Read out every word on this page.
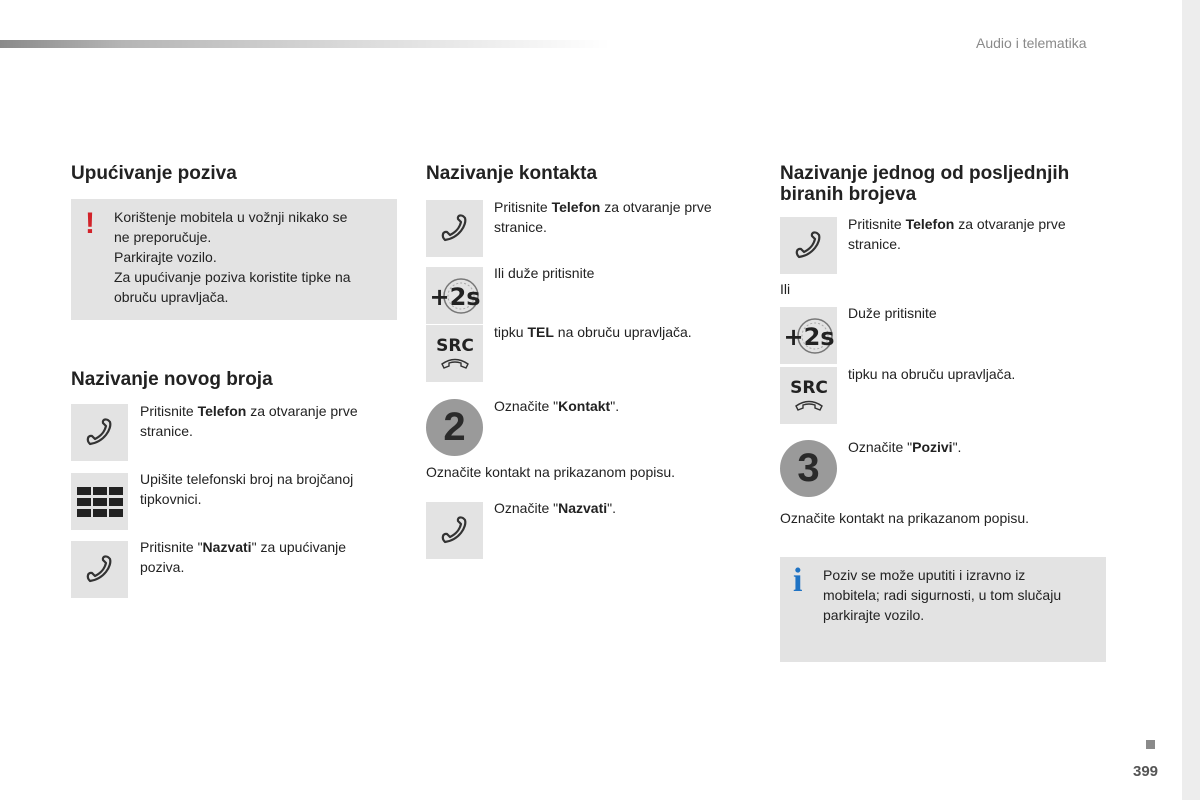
Audio i telematika
Upućivanje poziva
! Korištenje mobitela u vožnji nikako se
ne preporučuje.
Parkirajte vozilo.
Za upućivanje poziva koristite tipke na
obruču upravljača.
Nazivanje novog broja
Pritisnite Telefon za otvaranje prve
stranice.
Upišite telefonski broj na brojčanoj
tipkovnici.
Pritisnite "Nazvati" za upućivanje
poziva.
Nazivanje kontakta
Pritisnite Telefon za otvaranje prve
stranice.
+2s
Ili duže pritisnite
SRC
tipku TEL na obruču upravljača.
2	Označite "Kontakt".
Označite kontakt na prikazanom popisu.
Označite "Nazvati".
Nazivanje jednog od posljednjih
biranih brojeva
Pritisnite Telefon za otvaranje prve
stranice.
Ili
+2s
Duže pritisnite
SRC
tipku na obruču upravljača.
3	Označite "Pozivi".
Označite kontakt na prikazanom popisu.
i Poziv se može uputiti i izravno iz
mobitela; radi sigurnosti, u tom slučaju
parkirajte vozilo.
399
